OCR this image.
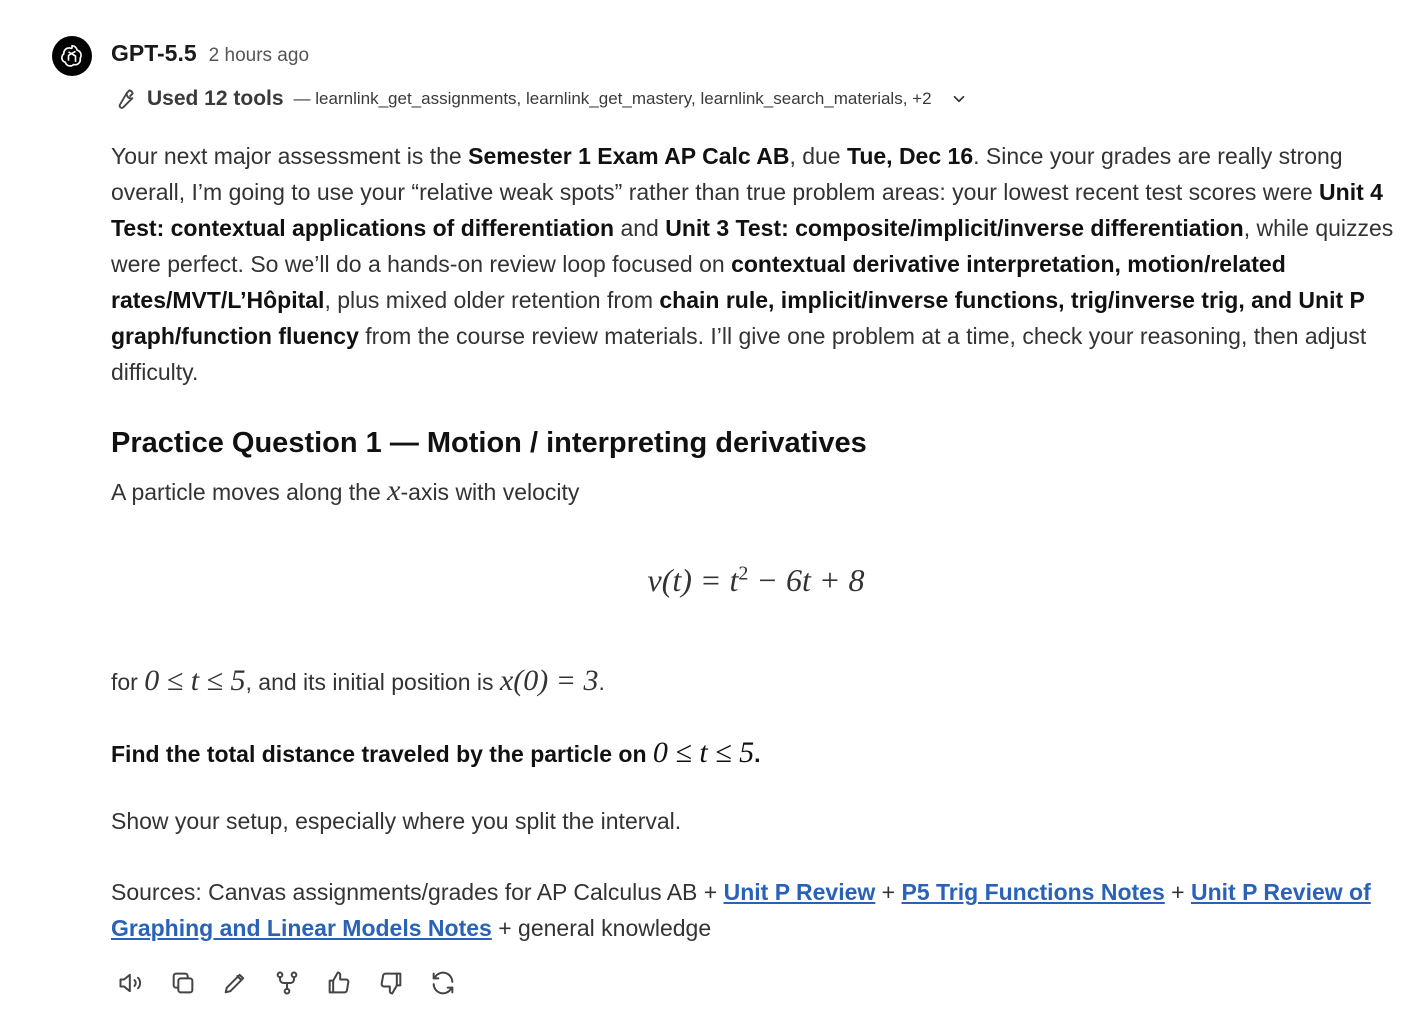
GPT-5.5 2 hours ago
Used 12 tools — learnlink_get_assignments, learnlink_get_mastery, learnlink_search_materials, +2

Your next major assessment is the Semester 1 Exam AP Calc AB, due Tue, Dec 16. Since your grades are really strong overall, I’m going to use your “relative weak spots” rather than true problem areas: your lowest recent test scores were Unit 4 Test: contextual applications of differentiation and Unit 3 Test: composite/implicit/inverse differentiation, while quizzes were perfect. So we’ll do a hands-on review loop focused on contextual derivative interpretation, motion/related rates/MVT/L’Hôpital, plus mixed older retention from chain rule, implicit/inverse functions, trig/inverse trig, and Unit P graph/function fluency from the course review materials. I’ll give one problem at a time, check your reasoning, then adjust difficulty.

Practice Question 1 — Motion / interpreting derivatives
A particle moves along the x-axis with velocity
$v(t) = t^2 - 6t + 8$
for 0 ≤ t ≤ 5, and its initial position is x(0) = 3.
Find the total distance traveled by the particle on 0 ≤ t ≤ 5.
Show your setup, especially where you split the interval.
Sources: Canvas assignments/grades for AP Calculus AB + Unit P Review + P5 Trig Functions Notes + Unit P Review of Graphing and Linear Models Notes + general knowledge
